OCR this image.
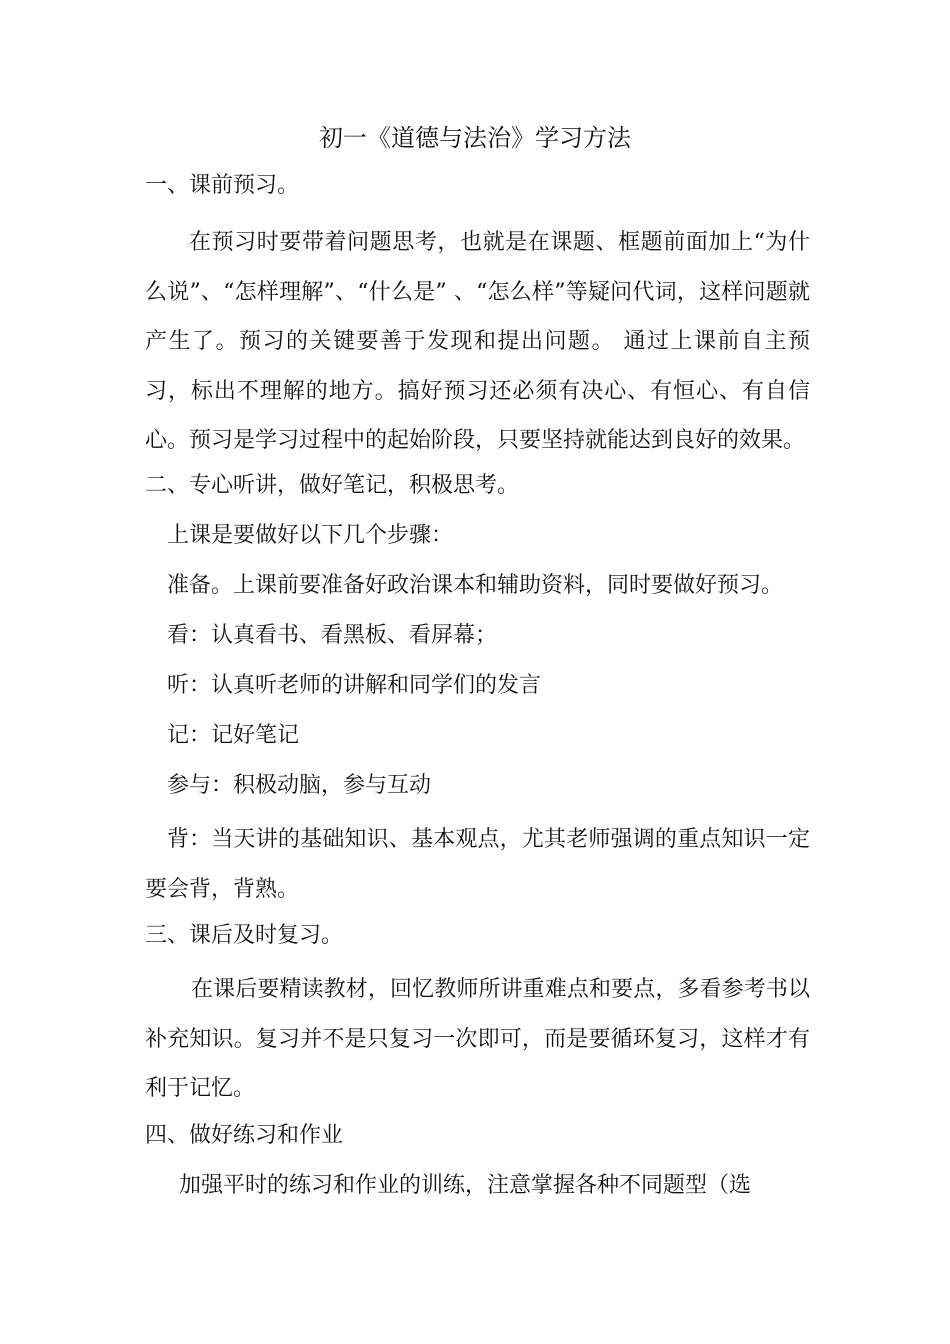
初一《道德与法治》学习方法
一、课前预习。
在预习时要带着问题思考，也就是在课题、框题前面加上“为什么说”、“怎样理解”、“什么是” 、“怎么样”等疑问代词，这样问题就产生了。预习的关键要善于发现和提出问题。 通过上课前自主预习，标出不理解的地方。搞好预习还必须有决心、有恒心、有自信心。预习是学习过程中的起始阶段，只要坚持就能达到良好的效果。
二、专心听讲，做好笔记，积极思考。
上课是要做好以下几个步骤：
准备。上课前要准备好政治课本和辅助资料，同时要做好预习。
看：认真看书、看黑板、看屏幕；
听：认真听老师的讲解和同学们的发言
记：记好笔记
参与：积极动脑，参与互动
背：当天讲的基础知识、基本观点，尤其老师强调的重点知识一定要会背，背熟。
三、课后及时复习。
在课后要精读教材，回忆教师所讲重难点和要点，多看参考书以补充知识。复习并不是只复习一次即可，而是要循环复习，这样才有利于记忆。
四、做好练习和作业
加强平时的练习和作业的训练，注意掌握各种不同题型（选
